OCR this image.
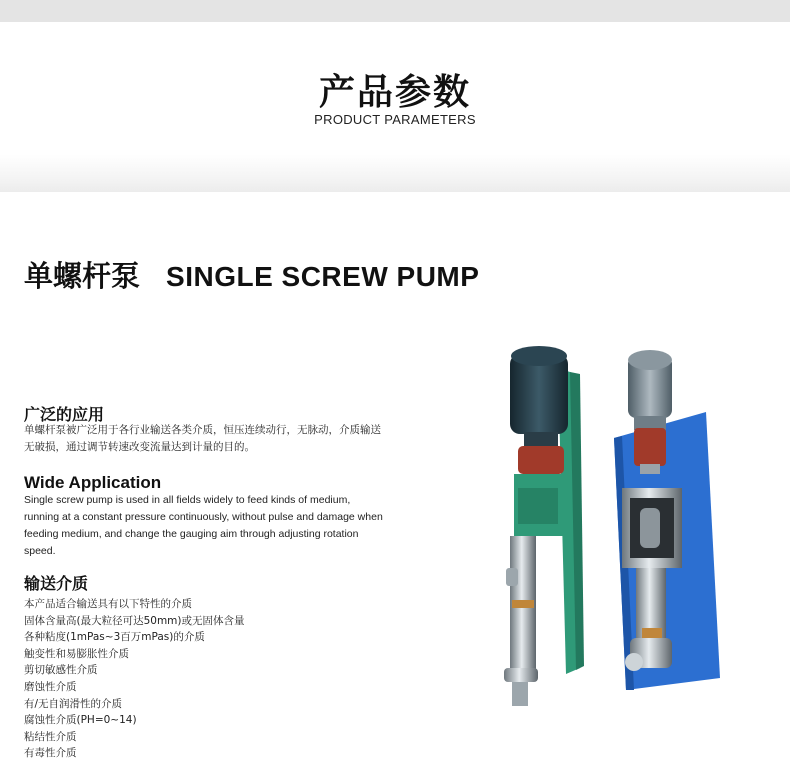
产品参数
PRODUCT PARAMETERS
单螺杆泵 SINGLE SCREW PUMP
广泛的应用
单螺杆泵被广泛用于各行业输送各类介质，恒压连续动行，无脉动，介质输送无破损，通过调节转速改变流量达到计量的目的。
Wide Application
Single screw pump is used in all fields widely to feed kinds of medium, running at a constant pressure continuously, without pulse and damage when feeding medium, and change the gauging aim through adjusting rotation speed.
输送介质
本产品适合输送具有以下特性的介质
固体含量高(最大粒径可达50mm)或无固体含量
各种粘度(1mPas~3百万mPas)的介质
触变性和易膨胀性介质
剪切敏感性介质
磨蚀性介质
有/无自润滑性的介质
腐蚀性介质(PH=0~14)
粘结性介质
有毒性介质
